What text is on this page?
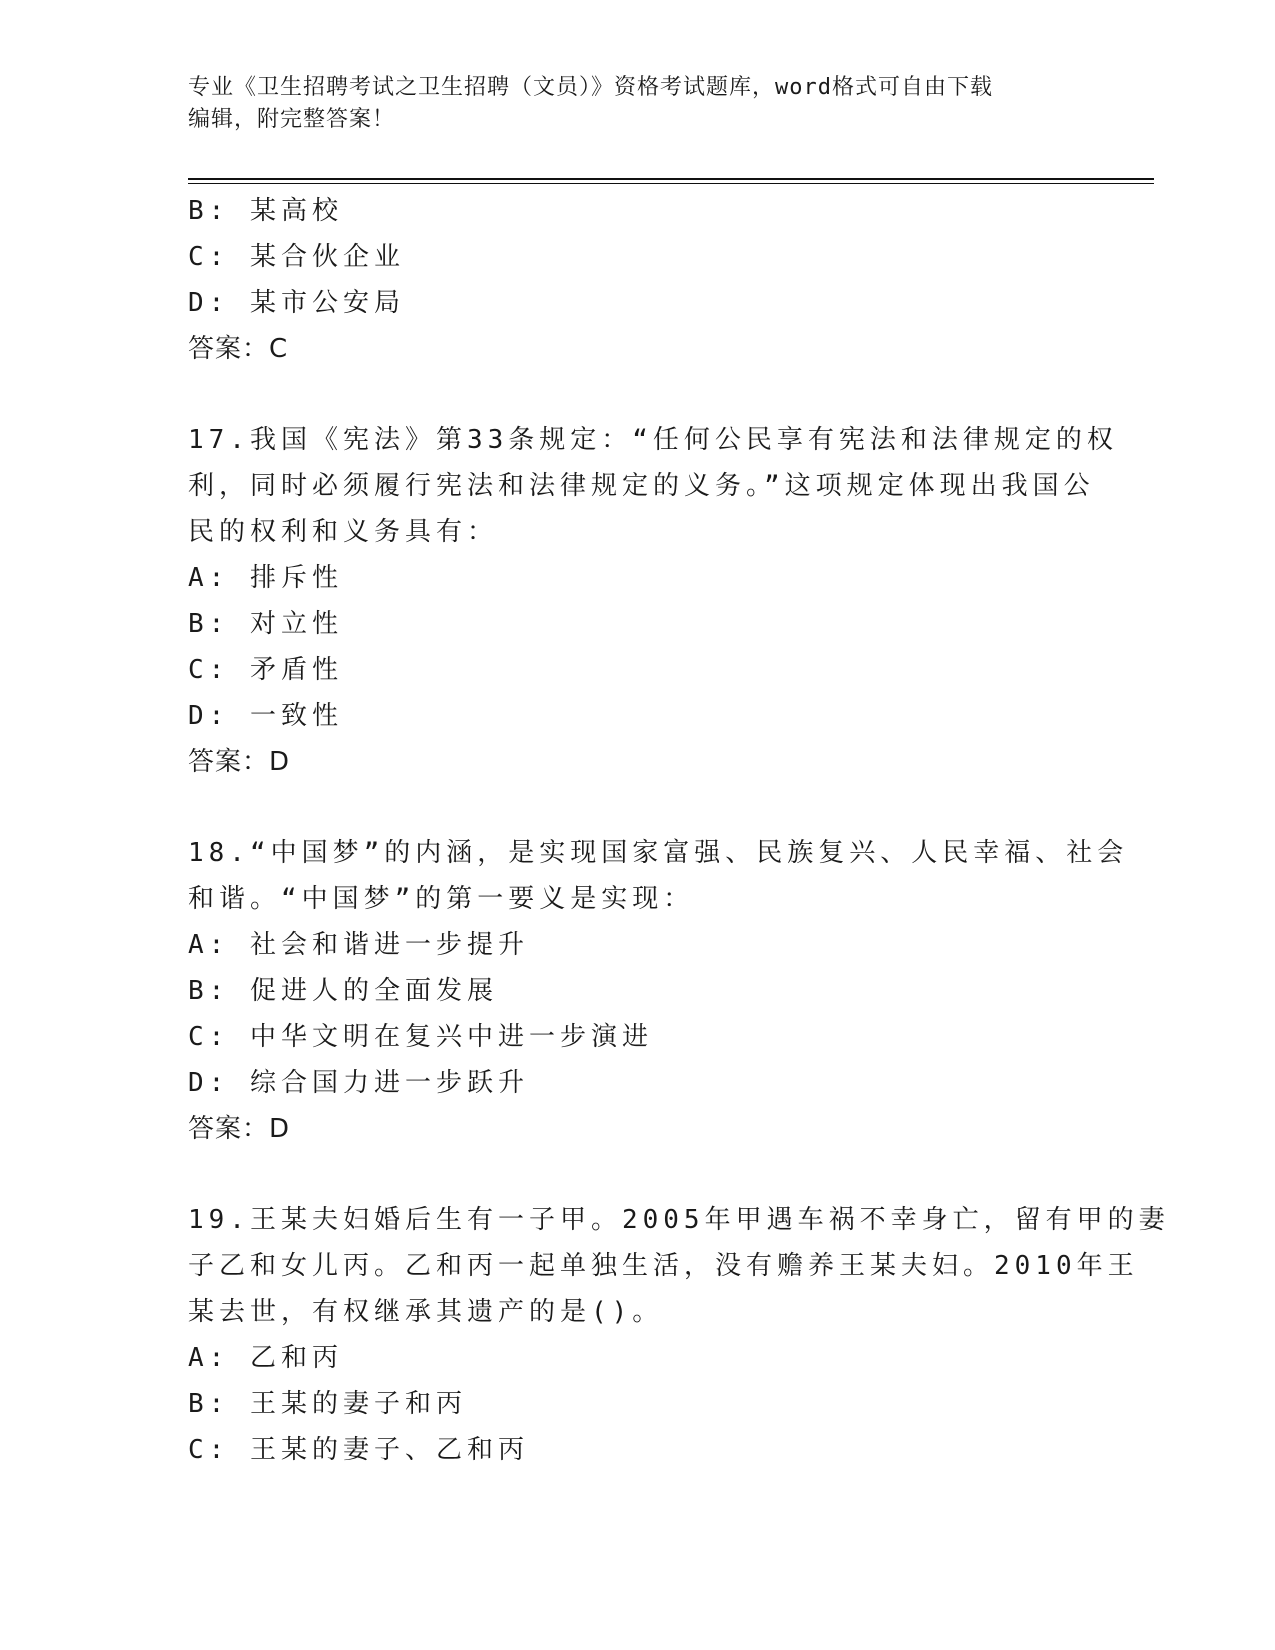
专业《卫生招聘考试之卫生招聘（文员）》资格考试题库，word格式可自由下载
编辑，附完整答案！
B: 某高校
C: 某合伙企业
D: 某市公安局
答案：C
17.我国《宪法》第33条规定：“任何公民享有宪法和法律规定的权
利，同时必须履行宪法和法律规定的义务。”这项规定体现出我国公
民的权利和义务具有：
A: 排斥性
B: 对立性
C: 矛盾性
D: 一致性
答案：D
18.“中国梦”的内涵，是实现国家富强、民族复兴、人民幸福、社会
和谐。“中国梦”的第一要义是实现：
A: 社会和谐进一步提升
B: 促进人的全面发展
C: 中华文明在复兴中进一步演进
D: 综合国力进一步跃升
答案：D
19.王某夫妇婚后生有一子甲。2005年甲遇车祸不幸身亡，留有甲的妻
子乙和女儿丙。乙和丙一起单独生活，没有赡养王某夫妇。2010年王
某去世，有权继承其遗产的是()。
A: 乙和丙
B: 王某的妻子和丙
C: 王某的妻子、乙和丙
